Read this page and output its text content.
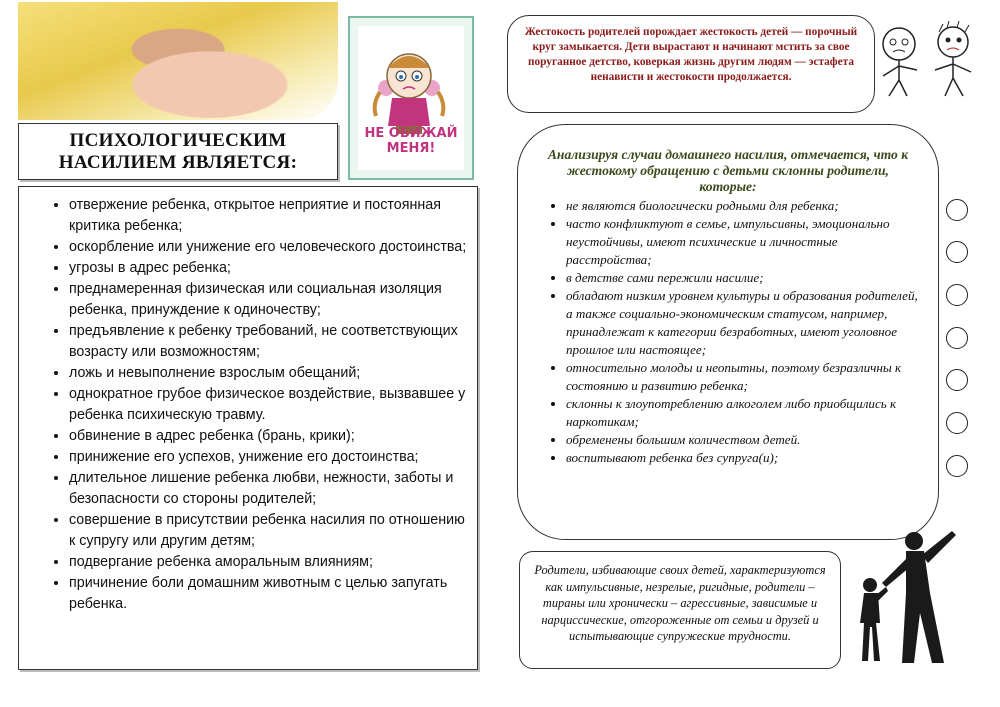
ПСИХОЛОГИЧЕСКИМ НАСИЛИЕМ ЯВЛЯЕТСЯ:
• отвержение ребенка, открытое неприятие и постоянная критика ребенка;
• оскорбление или унижение его человеческого достоинства;
• угрозы в адрес ребенка;
• преднамеренная физическая или социальная изоляция ребенка, принуждение к одиночеству;
• предъявление к ребенку требований, не соответствующих возрасту или возможностям;
• ложь и невыполнение взрослым обещаний;
• однократное грубое физическое воздействие, вызвавшее у ребенка психическую травму.
• обвинение в адрес ребенка (брань, крики);
• принижение его успехов, унижение его достоинства;
• длительное лишение ребенка любви, нежности, заботы и безопасности со стороны родителей;
• совершение в присутствии ребенка насилия по отношению к супругу или другим детям;
• подвергание ребенка аморальным влияниям;
• причинение боли домашним животным с целью запугать ребенка.
НЕ ОБИЖАЙ
МЕНЯ!

Жестокость родителей порождает жестокость детей — порочный круг замыкается. Дети вырастают и начинают мстить за свое поруганное детство, коверкая жизнь другим людям — эстафета ненависти и жестокости продолжается.

Анализируя случаи домашнего насилия, отмечается, что к жестокому обращению с детьми склонны родители, которые:
• не являются биологически родными для ребенка;
• часто конфликтуют в семье, импульсивны, эмоционально неустойчивы, имеют психические и личностные расстройства;
• в детстве сами пережили насилие;
• обладают низким уровнем культуры и образования родителей, а также социально-экономическим статусом, например, принадлежат к категории безработных, имеют уголовное прошлое или настоящее;
• относительно молоды и неопытны, поэтому безразличны к состоянию и развитию ребенка;
• склонны к злоупотреблению алкоголем либо приобщились к наркотикам;
• обременены большим количеством детей.
• воспитывают ребенка без супруга(и);

Родители, избивающие своих детей, характеризуются как импульсивные, незрелые, ригидные, родители – тираны или хронически – агрессивные, зависимые и нарциссические, отгороженные от семьи и друзей и испытывающие супружеские трудности.
